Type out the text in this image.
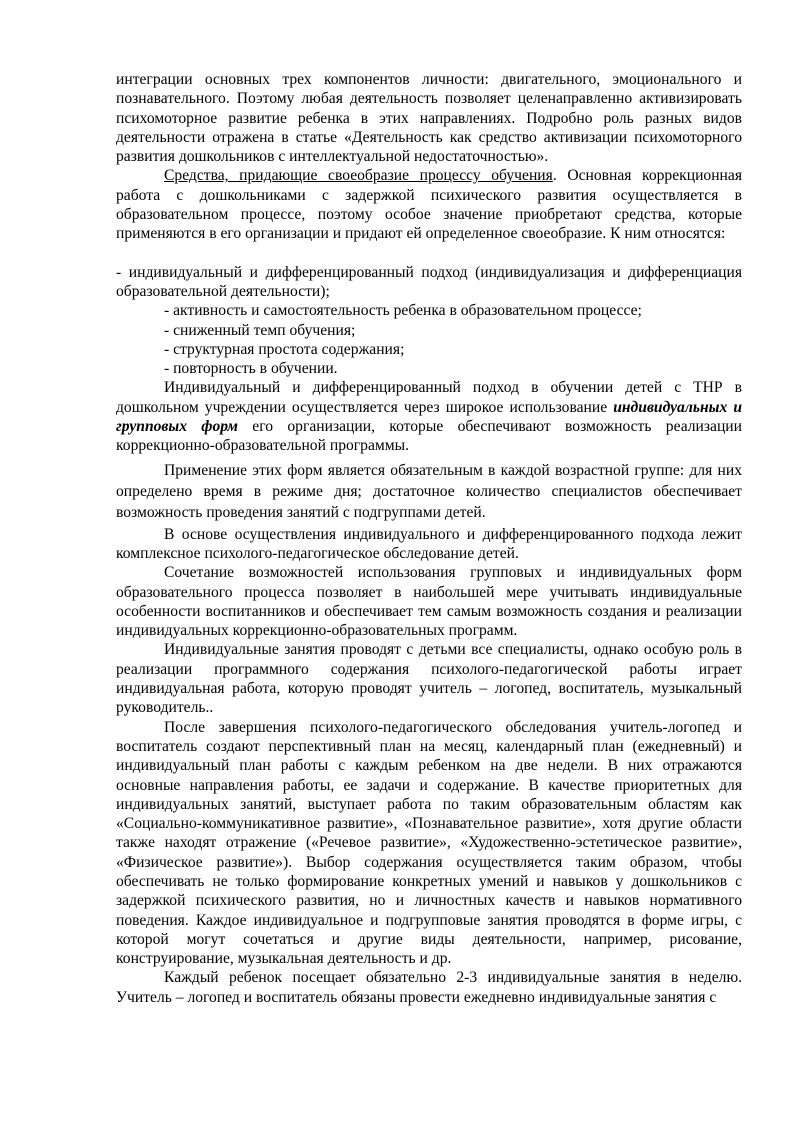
интеграции основных трех компонентов личности: двигательного, эмоционального и познавательного. Поэтому любая деятельность позволяет целенаправленно активизировать психомоторное развитие ребенка в этих направлениях. Подробно роль разных видов деятельности отражена в статье «Деятельность как средство активизации психомоторного развития дошкольников с интеллектуальной недостаточностью».

Средства, придающие своеобразие процессу обучения. Основная коррекционная работа с дошкольниками с задержкой психического развития осуществляется в образовательном процессе, поэтому особое значение приобретают средства, которые применяются в его организации и придают ей определенное своеобразие. К ним относятся:

- индивидуальный и дифференцированный подход (индивидуализация и дифференциация образовательной деятельности);

- активность и самостоятельность ребенка в образовательном процессе;

- сниженный темп обучения;

- структурная простота содержания;

- повторность в обучении.

Индивидуальный и дифференцированный подход в обучении детей с ТНР в дошкольном учреждении осуществляется через широкое использование индивидуальных и групповых форм его организации, которые обеспечивают возможность реализации коррекционно-образовательной программы.

Применение этих форм является обязательным в каждой возрастной группе: для них определено время в режиме дня; достаточное количество специалистов обеспечивает возможность проведения занятий с подгруппами детей.

В основе осуществления индивидуального и дифференцированного подхода лежит комплексное психолого-педагогическое обследование детей.

Сочетание возможностей использования групповых и индивидуальных форм образовательного процесса позволяет в наибольшей мере учитывать индивидуальные особенности воспитанников и обеспечивает тем самым возможность создания и реализации индивидуальных коррекционно-образовательных программ.

Индивидуальные занятия проводят с детьми все специалисты, однако особую роль в реализации программного содержания психолого-педагогической работы играет индивидуальная работа, которую проводят учитель – логопед, воспитатель, музыкальный руководитель..

После завершения психолого-педагогического обследования учитель-логопед и воспитатель создают перспективный план на месяц, календарный план (ежедневный) и индивидуальный план работы с каждым ребенком на две недели. В них отражаются основные направления работы, ее задачи и содержание. В качестве приоритетных для индивидуальных занятий, выступает работа по таким образовательным областям как «Социально-коммуникативное развитие», «Познавательное развитие», хотя другие области также находят отражение («Речевое развитие», «Художественно-эстетическое развитие», «Физическое развитие»). Выбор содержания осуществляется таким образом, чтобы обеспечивать не только формирование конкретных умений и навыков у дошкольников с задержкой психического развития, но и личностных качеств и навыков нормативного поведения. Каждое индивидуальное и подгрупповые занятия проводятся в форме игры, с которой могут сочетаться и другие виды деятельности, например, рисование, конструирование, музыкальная деятельность и др.

Каждый ребенок посещает обязательно 2-3 индивидуальные занятия в неделю. Учитель – логопед и воспитатель обязаны провести ежедневно индивидуальные занятия с
